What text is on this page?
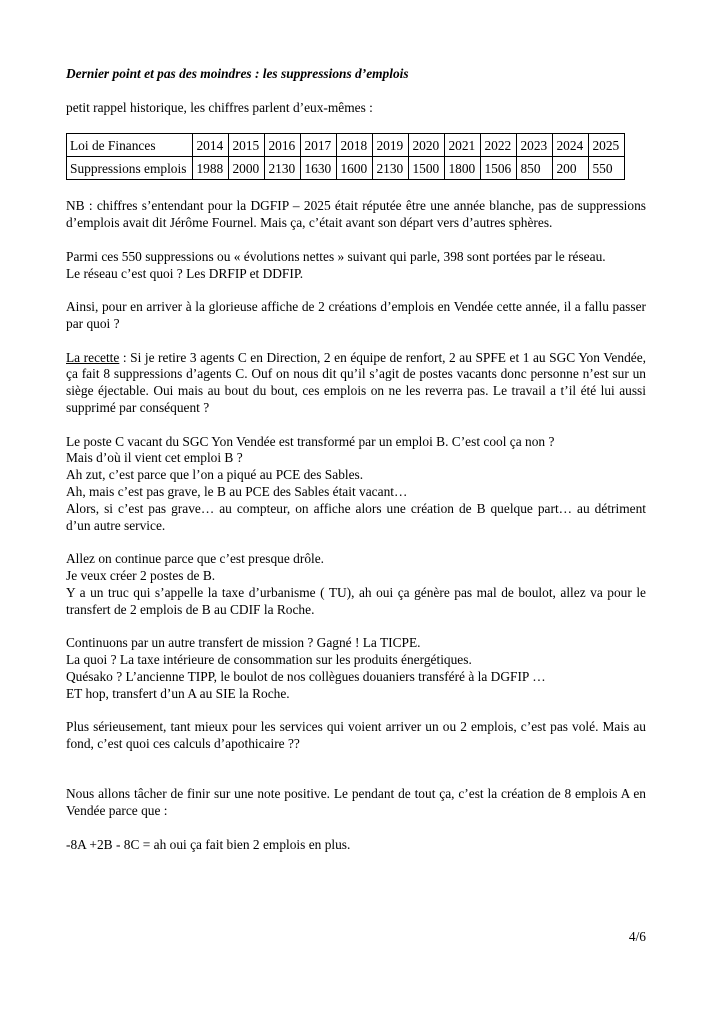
Dernier point et pas des moindres : les suppressions d’emplois

petit rappel historique, les chiffres parlent d’eux-mêmes :

Loi de Finances	2014	2015	2016	2017	2018	2019	2020	2021	2022	2023	2024	2025
Suppressions emplois	1988	2000	2130	1630	1600	2130	1500	1800	1506	850	200	550

NB : chiffres s’entendant pour la DGFIP – 2025 était réputée être une année blanche, pas de suppressions d’emplois avait dit Jérôme Fournel. Mais ça, c’était avant son départ vers d’autres sphères.

Parmi ces 550 suppressions ou « évolutions nettes » suivant qui parle, 398 sont portées par le réseau.

Le réseau c’est quoi ? Les DRFIP et DDFIP.

Ainsi, pour en arriver à la glorieuse affiche de 2 créations d’emplois en Vendée cette année, il a fallu passer par quoi ?

La recette : Si je retire 3 agents C en Direction, 2 en équipe de renfort, 2 au SPFE et 1 au SGC Yon Vendée, ça fait 8 suppressions d’agents C. Ouf on nous dit qu’il s’agit de postes vacants donc personne n’est sur un siège éjectable. Oui mais au bout du bout, ces emplois on ne les reverra pas. Le travail a t’il été lui aussi supprimé par conséquent ?

Le poste C vacant du SGC Yon Vendée est transformé par un emploi B. C’est cool ça non ?

Mais d’où il vient cet emploi B ?

Ah zut, c’est parce que l’on a piqué au PCE des Sables.

Ah, mais c’est pas grave, le B au PCE des Sables était vacant…

Alors, si c’est pas grave… au compteur, on affiche alors une création de B quelque part… au détriment d’un autre service.

Allez on continue parce que c’est presque drôle.

Je veux créer 2 postes de B.

Y a un truc qui s’appelle la taxe d’urbanisme ( TU), ah oui ça génère pas mal de boulot, allez va pour le transfert de 2 emplois de B au CDIF la Roche.

Continuons par un autre transfert de mission ? Gagné ! La TICPE.

La quoi ? La taxe intérieure de consommation sur les produits énergétiques.

Quésako ? L’ancienne TIPP, le boulot de nos collègues douaniers transféré à la DGFIP …

ET hop, transfert d’un A au SIE la Roche.

Plus sérieusement, tant mieux pour les services qui voient arriver un ou 2 emplois, c’est pas volé. Mais au fond, c’est quoi ces calculs d’apothicaire ??

Nous allons tâcher de finir sur une note positive. Le pendant de tout ça, c’est la création de 8 emplois A en Vendée parce que :

-8A +2B - 8C = ah oui ça fait bien 2 emplois en plus.

4/6
